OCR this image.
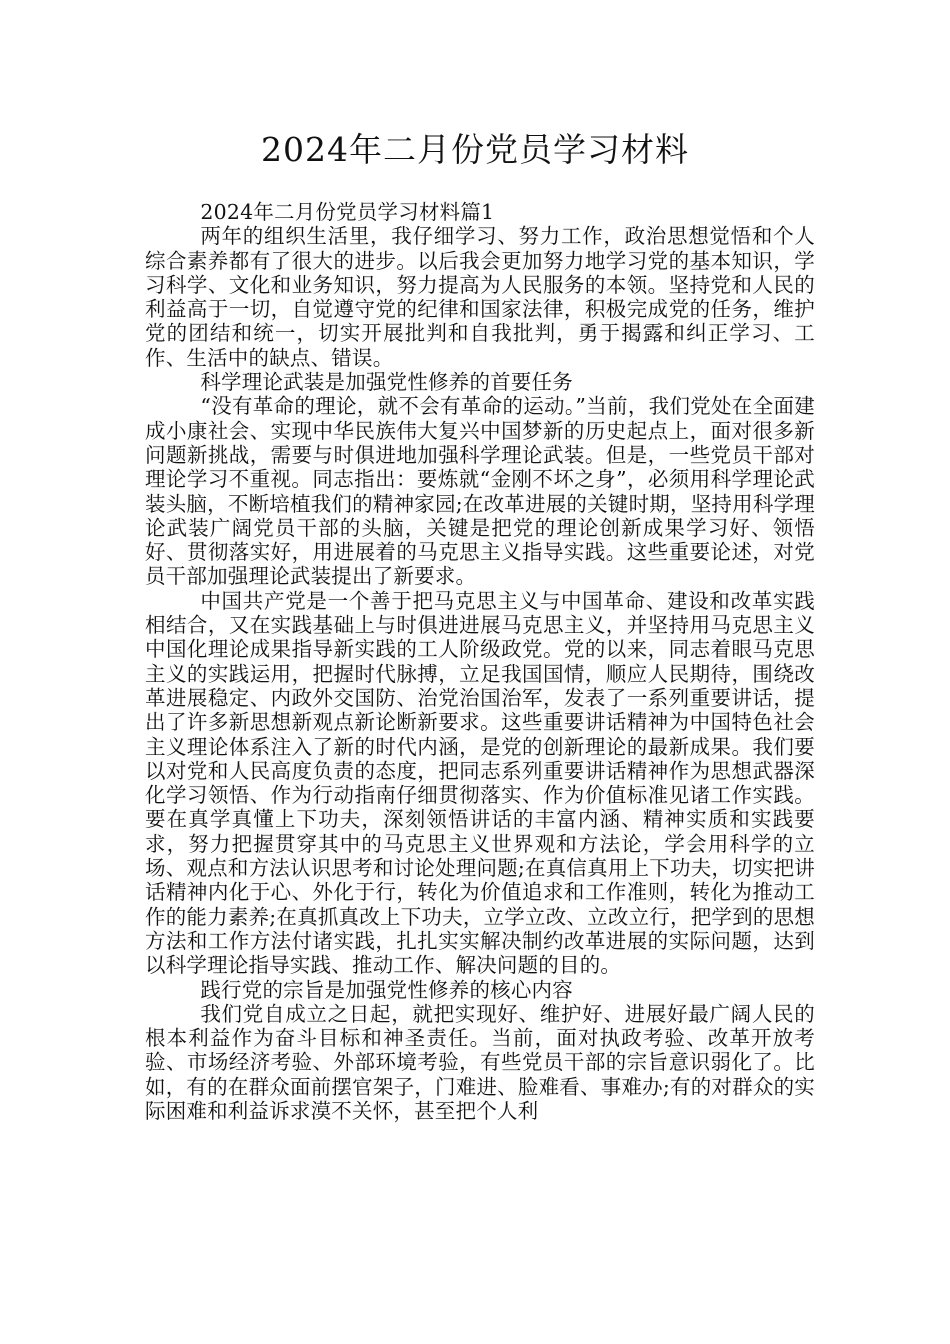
2024年二月份党员学习材料

2024年二月份党员学习材料篇1

两年的组织生活里，我仔细学习、努力工作，政治思想觉悟和个人综合素养都有了很大的进步。以后我会更加努力地学习党的基本知识，学习科学、文化和业务知识，努力提高为人民服务的本领。坚持党和人民的利益高于一切，自觉遵守党的纪律和国家法律，积极完成党的任务，维护党的团结和统一，切实开展批判和自我批判，勇于揭露和纠正学习、工作、生活中的缺点、错误。

科学理论武装是加强党性修养的首要任务

“没有革命的理论，就不会有革命的运动。”当前，我们党处在全面建成小康社会、实现中华民族伟大复兴中国梦新的历史起点上，面对很多新问题新挑战，需要与时俱进地加强科学理论武装。但是，一些党员干部对理论学习不重视。同志指出：要炼就“金刚不坏之身”，必须用科学理论武装头脑，不断培植我们的精神家园;在改革进展的关键时期，坚持用科学理论武装广阔党员干部的头脑，关键是把党的理论创新成果学习好、领悟好、贯彻落实好，用进展着的马克思主义指导实践。这些重要论述，对党员干部加强理论武装提出了新要求。

中国共产党是一个善于把马克思主义与中国革命、建设和改革实践相结合，又在实践基础上与时俱进进展马克思主义，并坚持用马克思主义中国化理论成果指导新实践的工人阶级政党。党的以来，同志着眼马克思主义的实践运用，把握时代脉搏，立足我国国情，顺应人民期待，围绕改革进展稳定、内政外交国防、治党治国治军，发表了一系列重要讲话，提出了许多新思想新观点新论断新要求。这些重要讲话精神为中国特色社会主义理论体系注入了新的时代内涵，是党的创新理论的最新成果。我们要以对党和人民高度负责的态度，把同志系列重要讲话精神作为思想武器深化学习领悟、作为行动指南仔细贯彻落实、作为价值标准见诸工作实践。要在真学真懂上下功夫，深刻领悟讲话的丰富内涵、精神实质和实践要求，努力把握贯穿其中的马克思主义世界观和方法论，学会用科学的立场、观点和方法认识思考和讨论处理问题;在真信真用上下功夫，切实把讲话精神内化于心、外化于行，转化为价值追求和工作准则，转化为推动工作的能力素养;在真抓真改上下功夫，立学立改、立改立行，把学到的思想方法和工作方法付诸实践，扎扎实实解决制约改革进展的实际问题，达到以科学理论指导实践、推动工作、解决问题的目的。

践行党的宗旨是加强党性修养的核心内容

我们党自成立之日起，就把实现好、维护好、进展好最广阔人民的根本利益作为奋斗目标和神圣责任。当前，面对执政考验、改革开放考验、市场经济考验、外部环境考验，有些党员干部的宗旨意识弱化了。比如，有的在群众面前摆官架子，门难进、脸难看、事难办;有的对群众的实际困难和利益诉求漠不关怀，甚至把个人利
